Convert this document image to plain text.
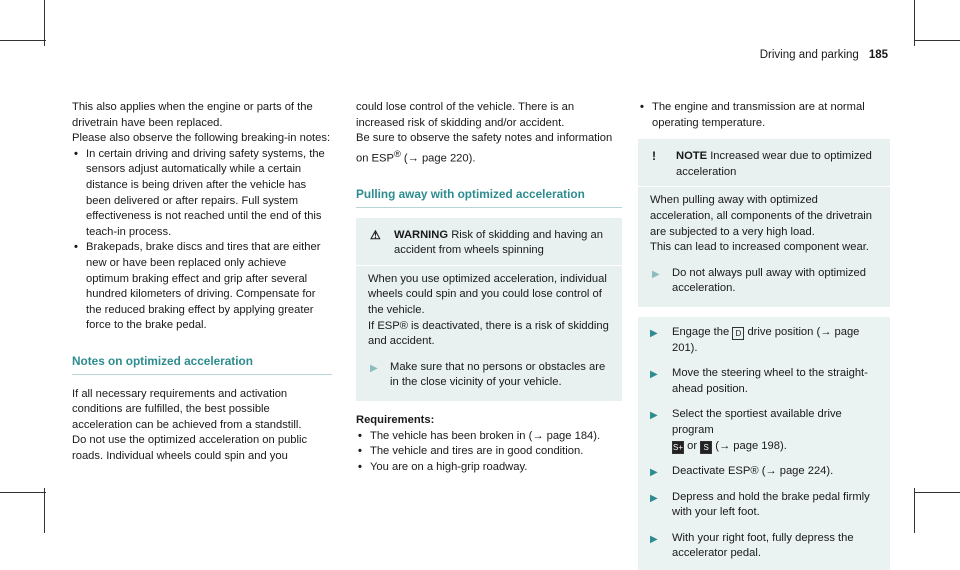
Driving and parking 185

This also applies when the engine or parts of the drivetrain have been replaced.

Please also observe the following breaking-in notes:

• In certain driving and driving safety systems, the sensors adjust automatically while a certain distance is being driven after the vehicle has been delivered or after repairs. Full system effectiveness is not reached until the end of this teach-in process.
• Brakepads, brake discs and tires that are either new or have been replaced only achieve optimum braking effect and grip after several hundred kilometers of driving. Compensate for the reduced braking effect by applying greater force to the brake pedal.
Notes on optimized acceleration

If all necessary requirements and activation conditions are fulfilled, the best possible acceleration can be achieved from a standstill.

Do not use the optimized acceleration on public roads. Individual wheels could spin and you

could lose control of the vehicle. There is an increased risk of skidding and/or accident.

Be sure to observe the safety notes and information on ESP® (→ page 220).

Pulling away with optimized acceleration
⚠	WARNING Risk of skidding and having an accident from wheels spinning

When you use optimized acceleration, individual wheels could spin and you could lose control of the vehicle.

If ESP® is deactivated, there is a risk of skidding and accident.

▶ Make sure that no persons or obstacles are in the close vicinity of your vehicle.

Requirements:

• The vehicle has been broken in (→ page 184).
• The vehicle and tires are in good condition.
• You are on a high-grip roadway.
• The engine and transmission are at normal operating temperature.
!	NOTE Increased wear due to optimized acceleration

When pulling away with optimized acceleration, all components of the drivetrain are subjected to a very high load.

This can lead to increased component wear.

▶ Do not always pull away with optimized acceleration.
▶ Engage the D drive position (→ page 201).
▶ Move the steering wheel to the straight-ahead position.
▶ Select the sportiest available drive program
S+ or S (→ page 198).
▶ Deactivate ESP® (→ page 224).
▶ Depress and hold the brake pedal firmly with your left foot.
▶ With your right foot, fully depress the accelerator pedal.
